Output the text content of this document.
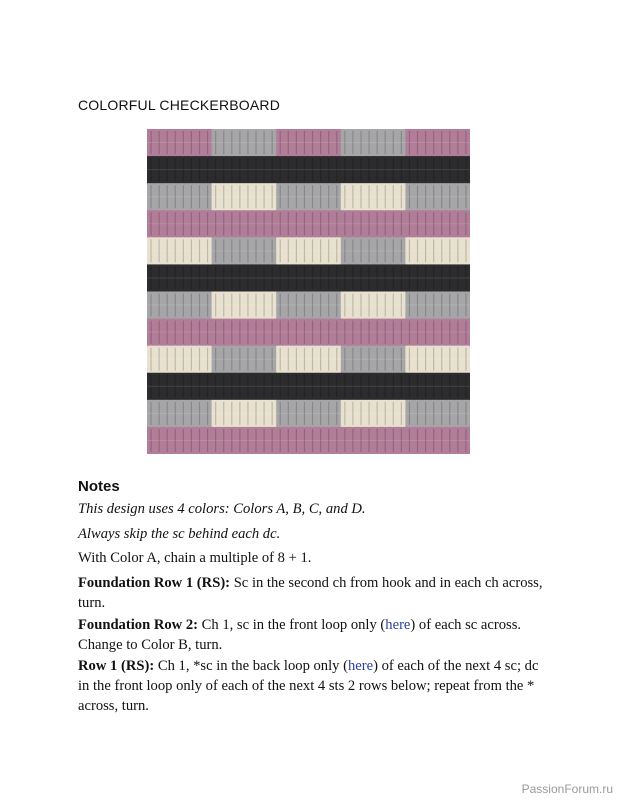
COLORFUL CHECKERBOARD
Notes
This design uses 4 colors: Colors A, B, C, and D.
Always skip the sc behind each dc.
With Color A, chain a multiple of 8 + 1.
Foundation Row 1 (RS): Sc in the second ch from hook and in each ch across, turn.
Foundation Row 2: Ch 1, sc in the front loop only (here) of each sc across. Change to Color B, turn.
Row 1 (RS): Ch 1, *sc in the back loop only (here) of each of the next 4 sc; dc in the front loop only of each of the next 4 sts 2 rows below; repeat from the * across, turn.
PassionForum.ru
